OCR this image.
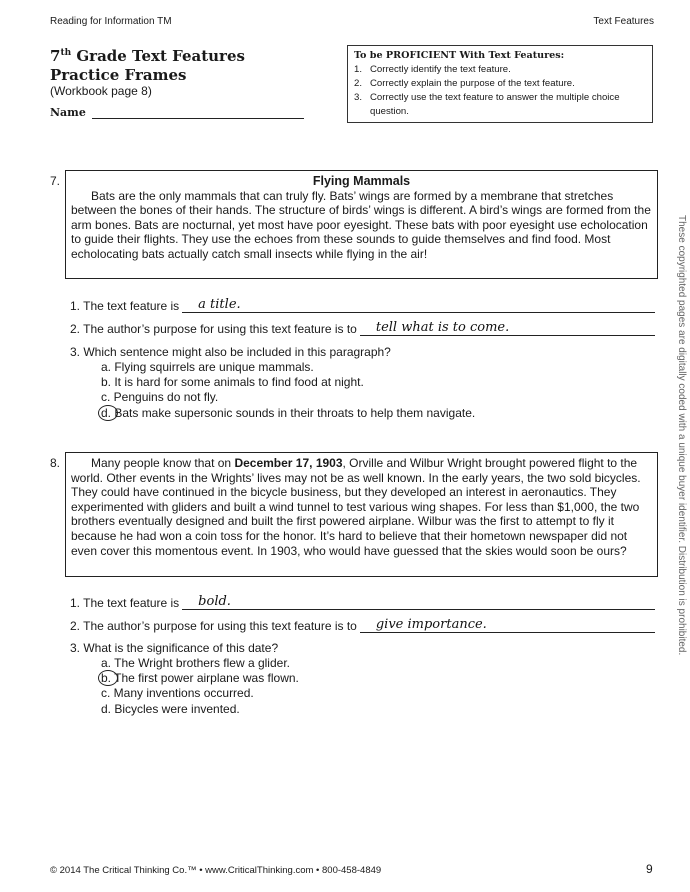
Reading for Information TM	Text Features
7th Grade Text Features
Practice Frames
(Workbook page 8)
Name
To be PROFICIENT With Text Features:
1. Correctly identify the text feature.
2. Correctly explain the purpose of the text feature.
3. Correctly use the text feature to answer the multiple choice question.
7.	Flying Mammals
Bats are the only mammals that can truly fly. Bats’ wings are formed by a membrane that stretches between the bones of their hands. The structure of birds’ wings is different. A bird’s wings are formed from the arm bones. Bats are nocturnal, yet most have poor eyesight. These bats with poor eyesight use echolocation to guide their flights. They use the echoes from these sounds to guide themselves and find food. Most echolocating bats actually catch small insects while flying in the air!
1. The text feature is a title.
2. The author’s purpose for using this text feature is to tell what is to come.
3. Which sentence might also be included in this paragraph?
a. Flying squirrels are unique mammals.
b. It is hard for some animals to find food at night.
c. Penguins do not fly.
d. Bats make supersonic sounds in their throats to help them navigate.
8.	Many people know that on December 17, 1903, Orville and Wilbur Wright brought powered flight to the world. Other events in the Wrights’ lives may not be as well known. In the early years, the two sold bicycles. They could have continued in the bicycle business, but they developed an interest in aeronautics. They experimented with gliders and built a wind tunnel to test various wing shapes. For less than $1,000, the two brothers eventually designed and built the first powered airplane. Wilbur was the first to attempt to fly it because he had won a coin toss for the honor. It’s hard to believe that their hometown newspaper did not even cover this momentous event. In 1903, who would have guessed that the skies would soon be ours?
1. The text feature is bold.
2. The author’s purpose for using this text feature is to give importance.
3. What is the significance of this date?
a. The Wright brothers flew a glider.
b. The first power airplane was flown.
c. Many inventions occurred.
d. Bicycles were invented.
These copyrighted pages are digitally coded with a unique buyer identifier. Distribution is prohibited.
© 2014 The Critical Thinking Co.™ • www.CriticalThinking.com • 800-458-4849	9
